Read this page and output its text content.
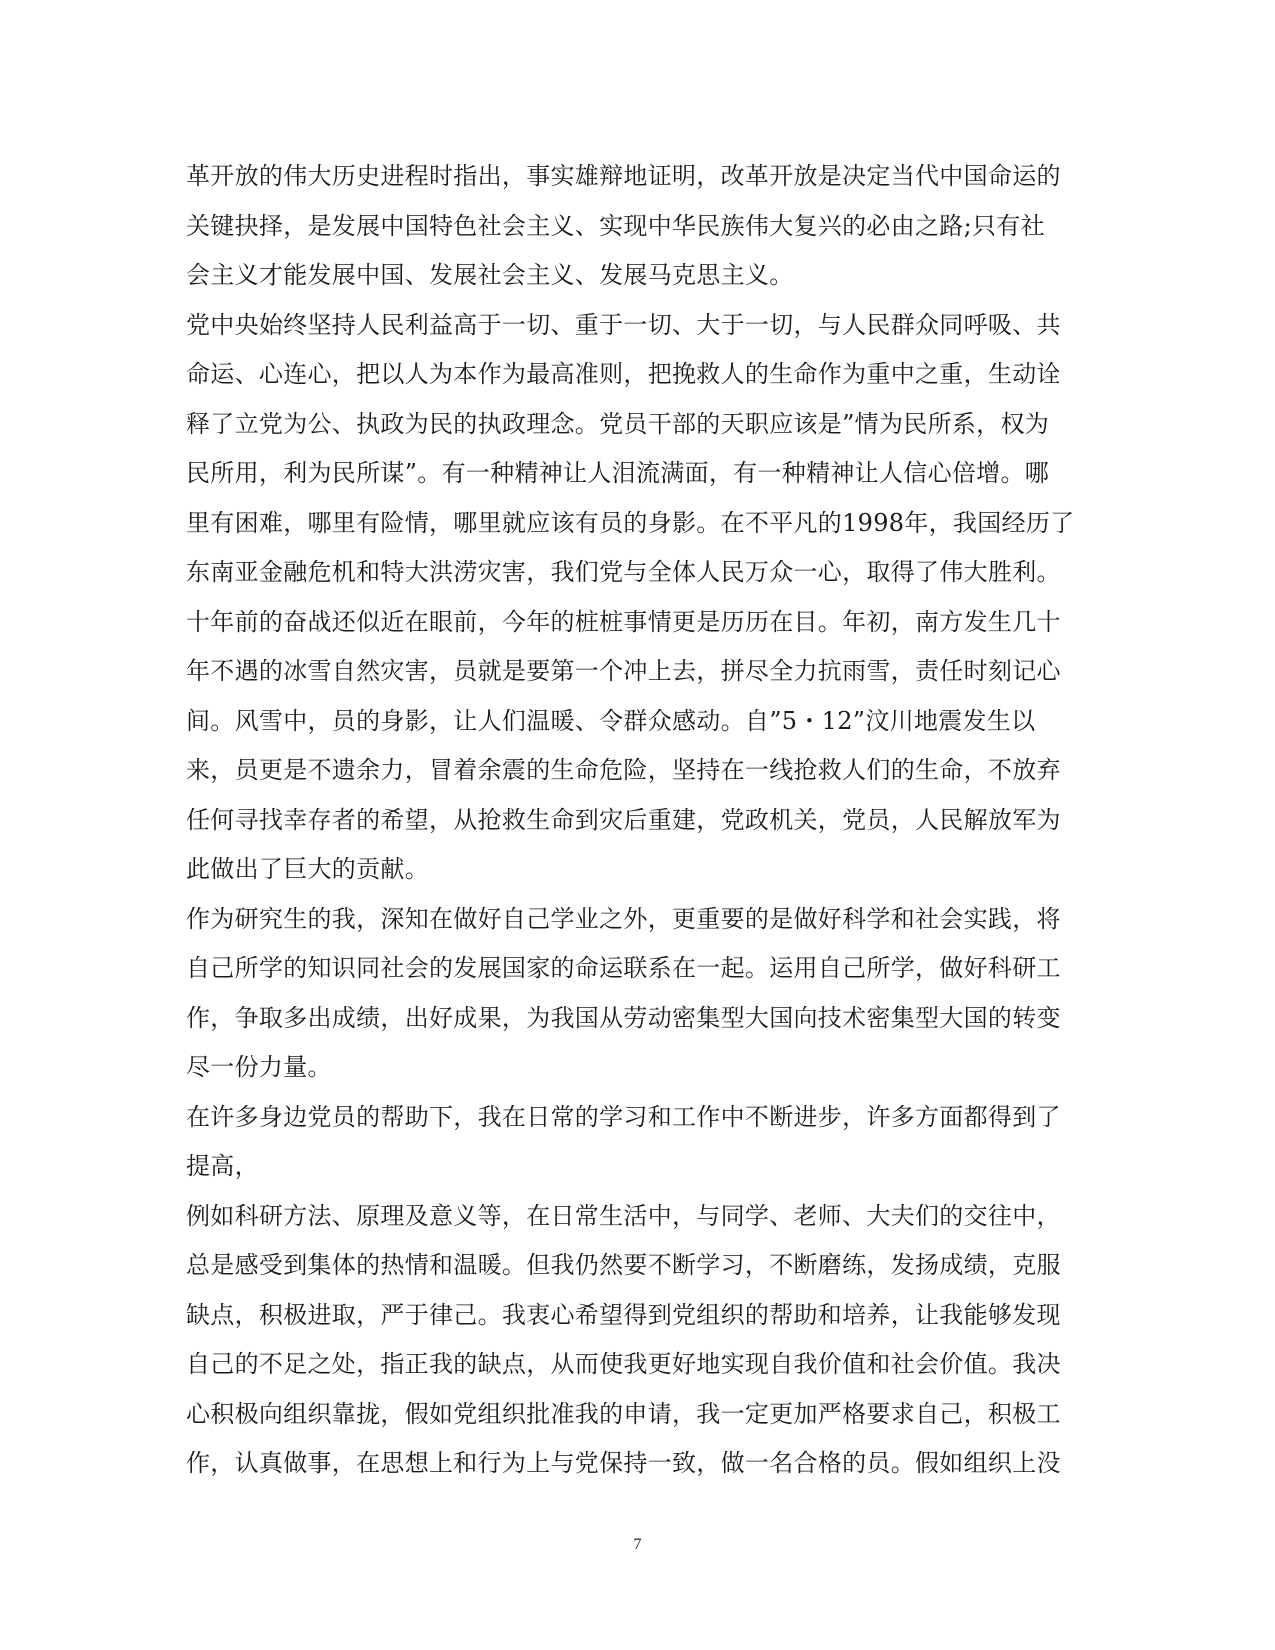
革开放的伟大历史进程时指出，事实雄辩地证明，改革开放是决定当代中国命运的
关键抉择，是发展中国特色社会主义、实现中华民族伟大复兴的必由之路;只有社
会主义才能发展中国、发展社会主义、发展马克思主义。
党中央始终坚持人民利益高于一切、重于一切、大于一切，与人民群众同呼吸、共
命运、心连心，把以人为本作为最高准则，把挽救人的生命作为重中之重，生动诠
释了立党为公、执政为民的执政理念。党员干部的天职应该是”情为民所系，权为
民所用，利为民所谋”。有一种精神让人泪流满面，有一种精神让人信心倍增。哪
里有困难，哪里有险情，哪里就应该有员的身影。在不平凡的1998年，我国经历了
东南亚金融危机和特大洪涝灾害，我们党与全体人民万众一心，取得了伟大胜利。
十年前的奋战还似近在眼前，今年的桩桩事情更是历历在目。年初，南方发生几十
年不遇的冰雪自然灾害，员就是要第一个冲上去，拼尽全力抗雨雪，责任时刻记心
间。风雪中，员的身影，让人们温暖、令群众感动。自”5・12”汶川地震发生以
来，员更是不遗余力，冒着余震的生命危险，坚持在一线抢救人们的生命，不放弃
任何寻找幸存者的希望，从抢救生命到灾后重建，党政机关，党员，人民解放军为
此做出了巨大的贡献。
作为研究生的我，深知在做好自己学业之外，更重要的是做好科学和社会实践，将
自己所学的知识同社会的发展国家的命运联系在一起。运用自己所学，做好科研工
作，争取多出成绩，出好成果，为我国从劳动密集型大国向技术密集型大国的转变
尽一份力量。
在许多身边党员的帮助下，我在日常的学习和工作中不断进步，许多方面都得到了
提高，
例如科研方法、原理及意义等，在日常生活中，与同学、老师、大夫们的交往中，
总是感受到集体的热情和温暖。但我仍然要不断学习，不断磨练，发扬成绩，克服
缺点，积极进取，严于律己。我衷心希望得到党组织的帮助和培养，让我能够发现
自己的不足之处，指正我的缺点，从而使我更好地实现自我价值和社会价值。我决
心积极向组织靠拢，假如党组织批准我的申请，我一定更加严格要求自己，积极工
作，认真做事，在思想上和行为上与党保持一致，做一名合格的员。假如组织上没
7
